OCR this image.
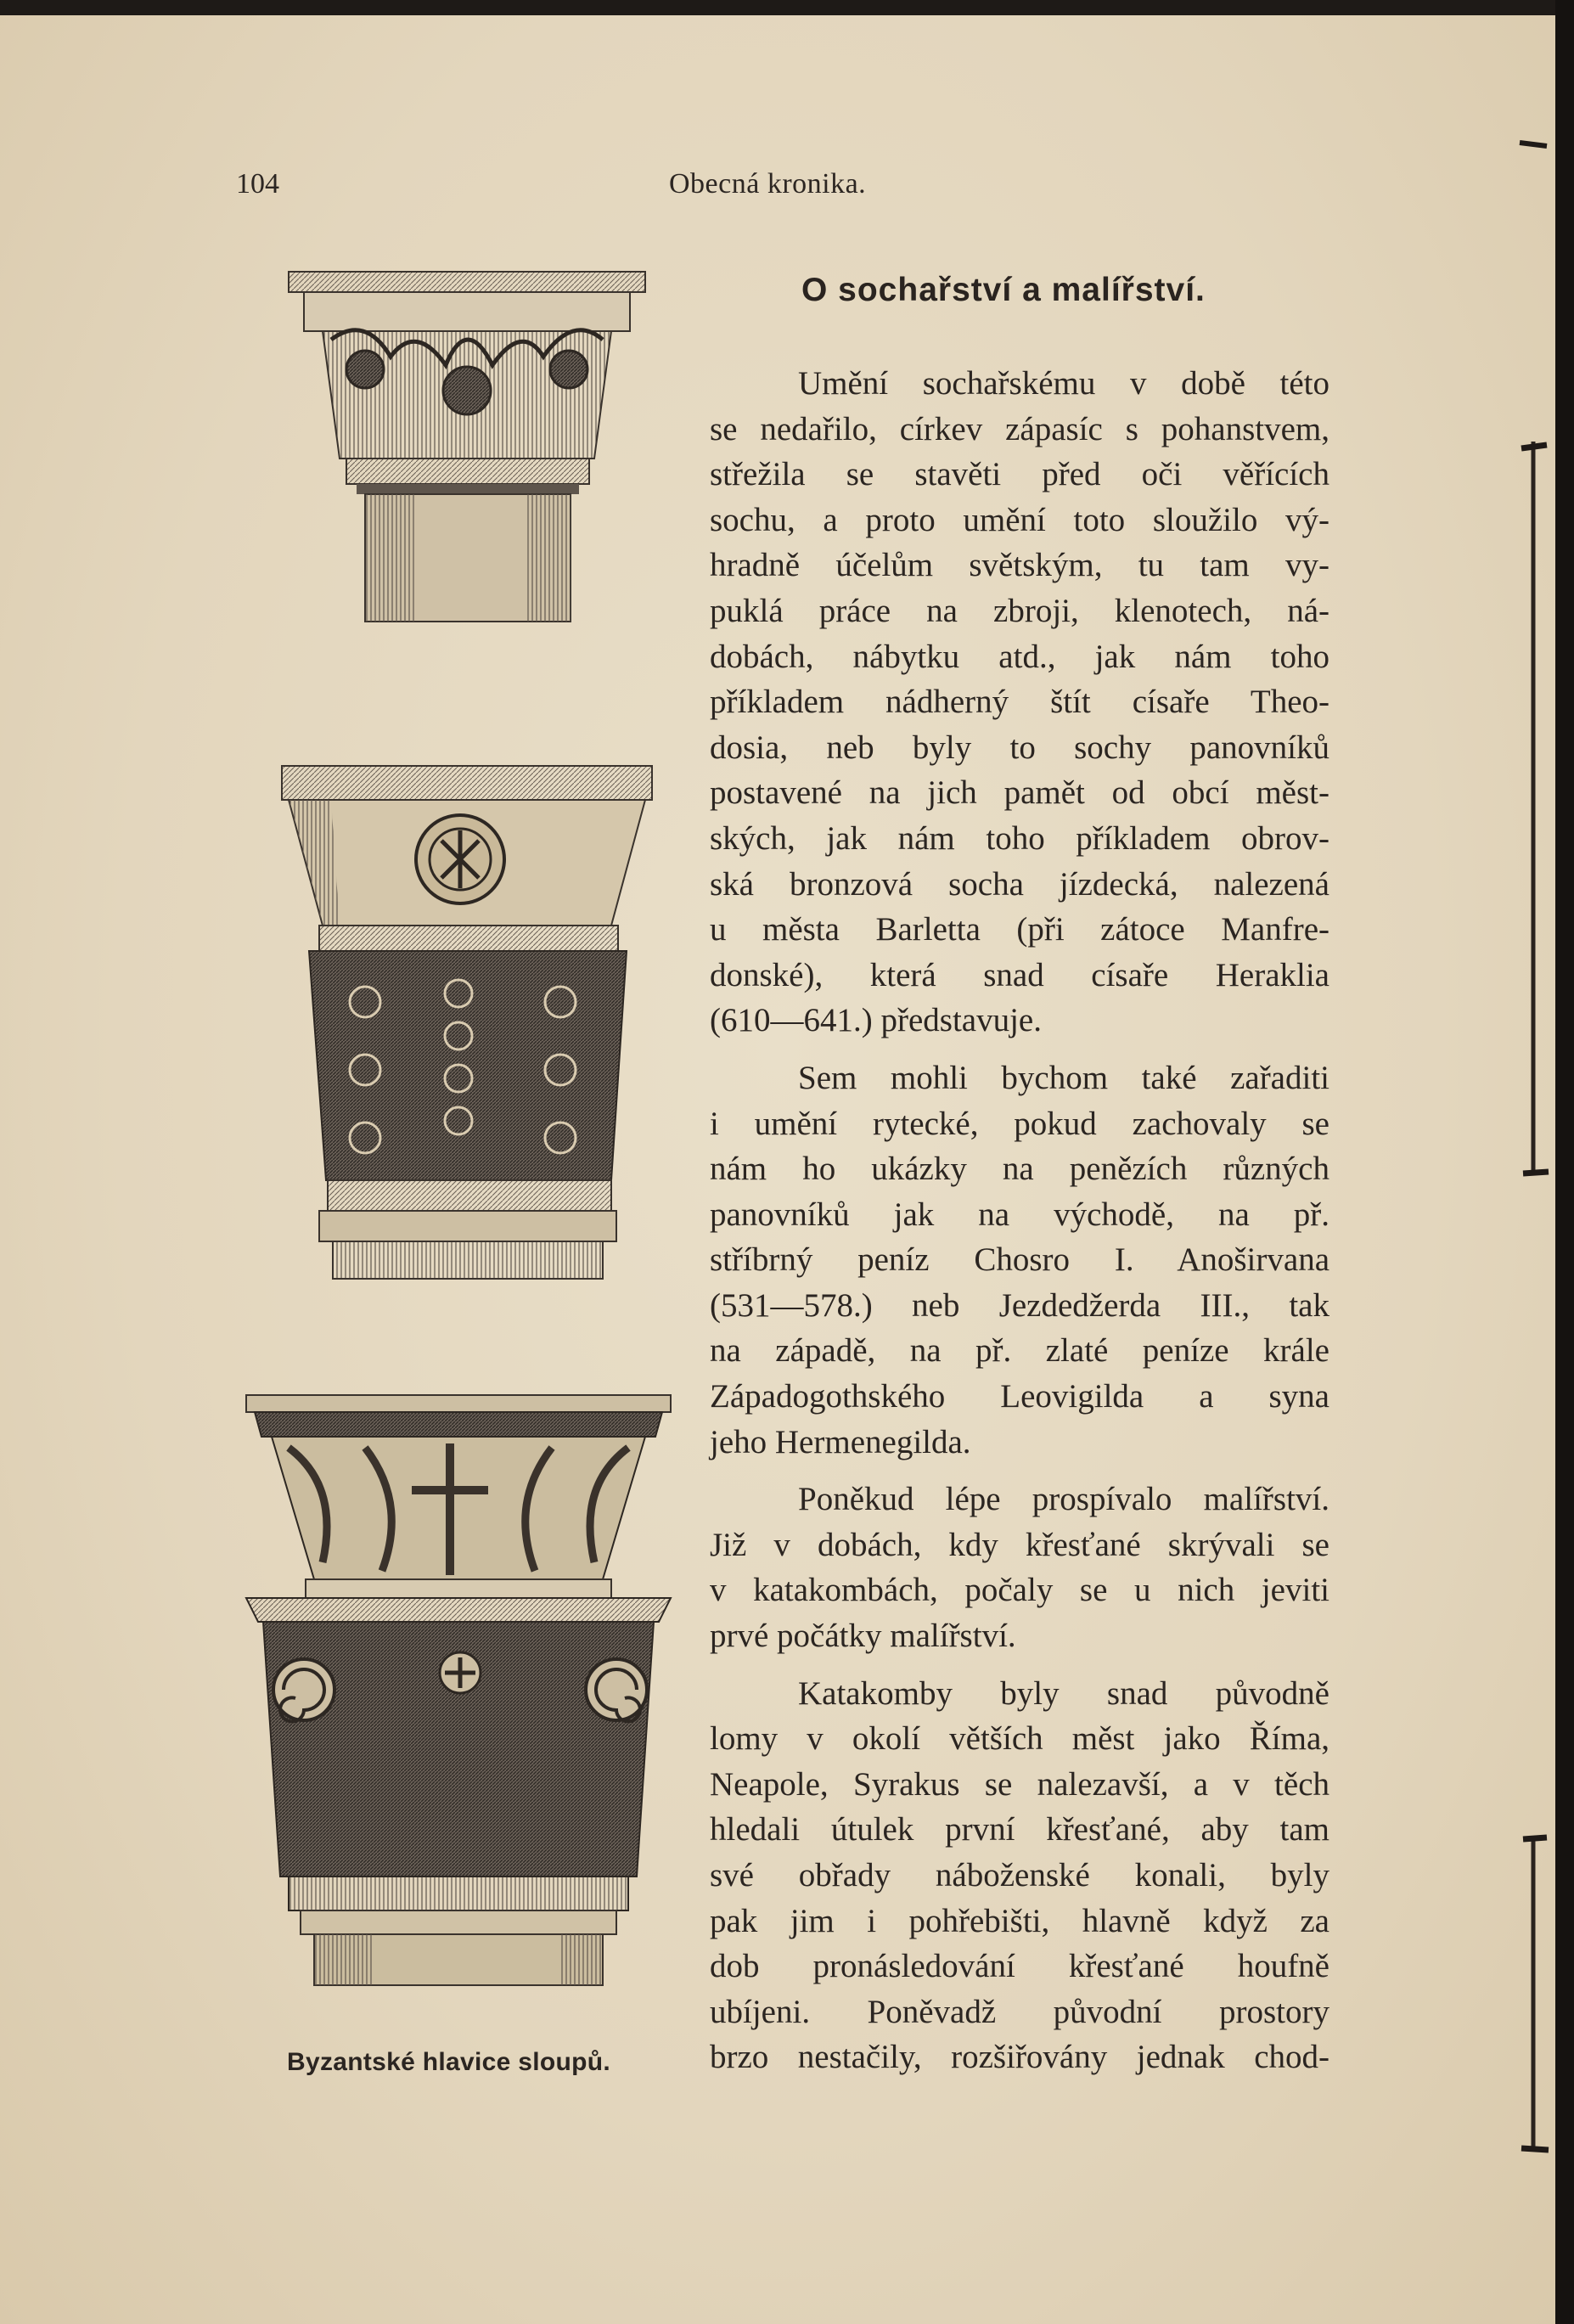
104	Obecná kronika.
Byzantské hlavice sloupů.
O sochařství a malířství.
Umění sochařskému v době této
se nedařilo, církev zápasíc s pohanstvem,
střežila se stavěti před oči věřících
sochu, a proto umění toto sloužilo vý-
hradně účelům světským, tu tam vy-
puklá práce na zbroji, klenotech, ná-
dobách, nábytku atd., jak nám toho
příkladem nádherný štít císaře Theo-
dosia, neb byly to sochy panovníků
postavené na jich pamět od obcí měst-
ských, jak nám toho příkladem obrov-
ská bronzová socha jízdecká, nalezená
u města Barletta (při zátoce Manfre-
donské), která snad císaře Heraklia
(610—641.) představuje.
Sem mohli bychom také zařaditi
i umění rytecké, pokud zachovaly se
nám ho ukázky na penězích různých
panovníků jak na východě, na př.
stříbrný peníz Chosro I. Anoširvana
(531—578.) neb Jezdedžerda III., tak
na západě, na př. zlaté peníze krále
Západogothského Leovigilda a syna
jeho Hermenegilda.
Poněkud lépe prospívalo malířství.
Již v dobách, kdy křesťané skrývali se
v katakombách, počaly se u nich jeviti
prvé počátky malířství.
Katakomby byly snad původně
lomy v okolí větších měst jako Říma,
Neapole, Syrakus se nalezavší, a v těch
hledali útulek první křesťané, aby tam
své obřady náboženské konali, byly
pak jim i pohřebišti, hlavně když za
dob pronásledování křesťané houfně
ubíjeni. Poněvadž původní prostory
brzo nestačily, rozšiřovány jednak chod-
